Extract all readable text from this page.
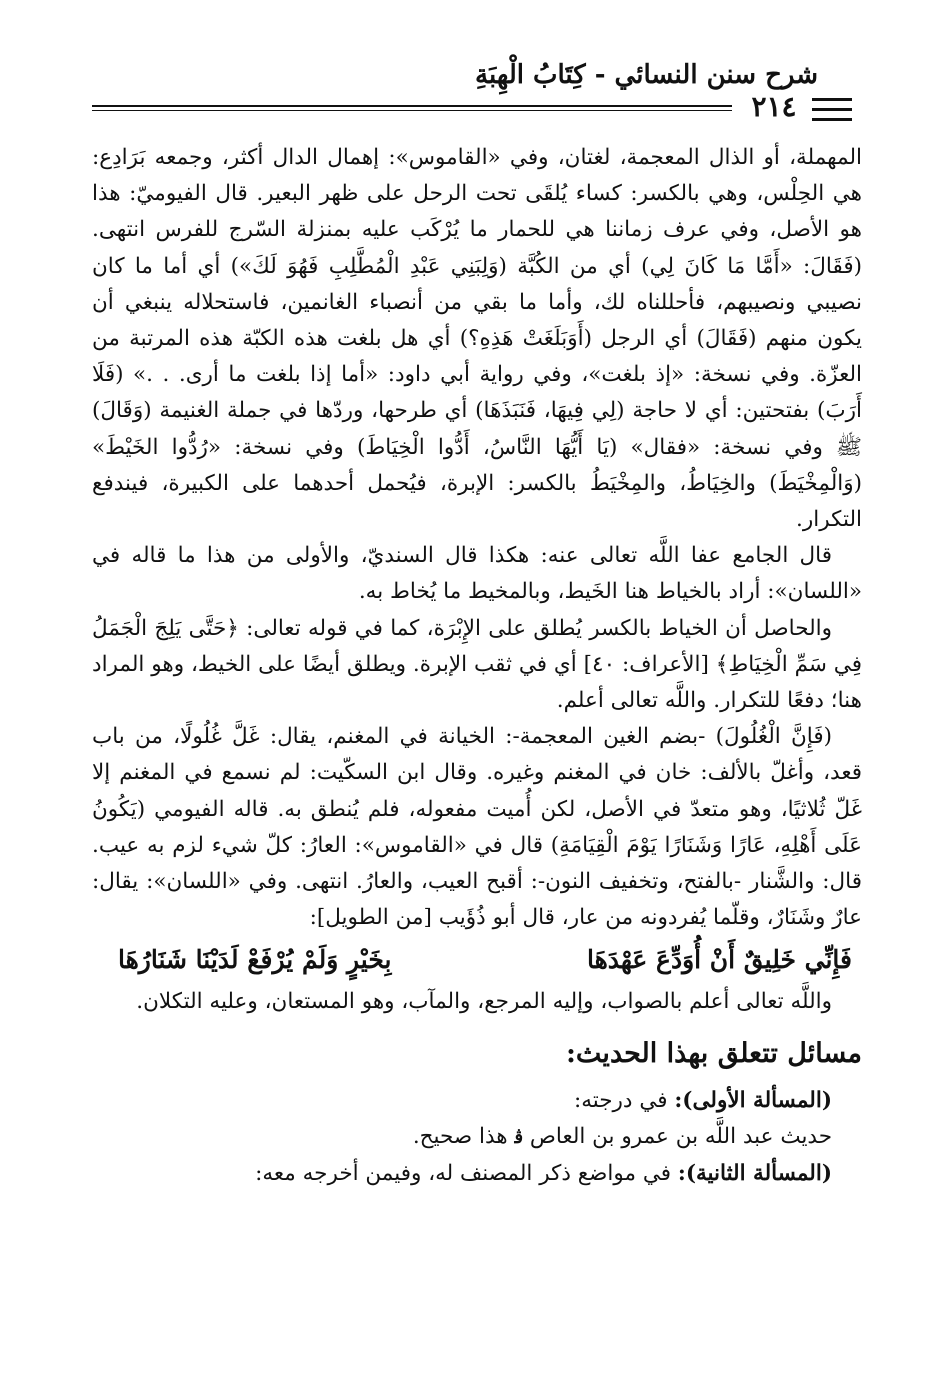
شرح سنن النسائي - كِتَابُ الْهِبَةِ
٢١٤

المهملة، أو الذال المعجمة، لغتان، وفي «القاموس»: إهمال الدال أكثر، وجمعه بَرَادِع: هي الحِلْس، وهي بالكسر: كساء يُلقَى تحت الرحل على ظهر البعير. قال الفيوميّ: هذا هو الأصل، وفي عرف زماننا هي للحمار ما يُرْكَب عليه بمنزلة السّرج للفرس انتهى. (فَقَالَ: «أَمَّا مَا كَانَ لِي) أي من الكُبَّة (وَلِبَنِي عَبْدِ الْمُطَّلِبِ فَهُوَ لَكَ») أي أما ما كان نصيبي ونصيبهم، فأحللناه لك، وأما ما بقي من أنصباء الغانمين، فاستحلاله ينبغي أن يكون منهم (فَقَالَ) أي الرجل (أَوَبَلَغَتْ هَذِهِ؟) أي هل بلغت هذه الكبّة هذه المرتبة من العزّة. وفي نسخة: «إذ بلغت»، وفي رواية أبي داود: «أما إذا بلغت ما أرى. . .» (فَلَا أَرَبَ) بفتحتين: أي لا حاجة (لِي فِيهَا، فَنَبَذَهَا) أي طرحها، وردّها في جملة الغنيمة (وَقَالَ) ﷺ وفي نسخة: «فقال» (يَا أَيُّهَا النَّاسُ، أَدُّوا الْخِيَاطَ) وفي نسخة: «رُدُّوا الخَيْطَ» (وَالْمِخْيَطَ) والخِيَاطُ، والمِخْيَطُ بالكسر: الإبرة، فيُحمل أحدهما على الكبيرة، فيندفع التكرار.

قال الجامع عفا اللَّه تعالى عنه: هكذا قال السنديّ، والأولى من هذا ما قاله في «اللسان»: أراد بالخياط هنا الخَيط، وبالمخيط ما يُخاط به.

والحاصل أن الخياط بالكسر يُطلق على الإِبْرَة، كما في قوله تعالى: ﴿حَتَّى يَلِجَ الْجَمَلُ فِي سَمِّ الْخِيَاطِ﴾ [الأعراف: ٤٠] أي في ثقب الإبرة. ويطلق أيضًا على الخيط، وهو المراد هنا؛ دفعًا للتكرار. واللَّه تعالى أعلم.

(فَإِنَّ الْغُلُولَ) -بضم الغين المعجمة-: الخيانة في المغنم، يقال: غَلَّ غُلُولًا، من باب قعد، وأغلّ بالألف: خان في المغنم وغيره. وقال ابن السكّيت: لم نسمع في المغنم إلا غَلّ ثُلاثيًا، وهو متعدّ في الأصل، لكن أُميت مفعوله، فلم يُنطق به. قاله الفيومي (يَكُونُ عَلَى أَهْلِهِ، عَارًا وَشَنَارًا يَوْمَ الْقِيَامَةِ) قال في «القاموس»: العارُ: كلّ شيء لزم به عيب. قال: والشَّنار -بالفتح، وتخفيف النون-: أقبح العيب، والعارُ. انتهى. وفي «اللسان»: يقال: عارٌ وشَنَارٌ، وقلّما يُفردونه من عار، قال أبو ذُؤَيب [من الطويل]:

فَإِنِّي خَلِيقٌ أَنْ أُوَدِّعَ عَهْدَهَا
بِخَيْرٍ وَلَمْ يُرْفَعْ لَدَيْنَا شَنَارُهَا

واللَّه تعالى أعلم بالصواب، وإليه المرجع، والمآب، وهو المستعان، وعليه التكلان.

مسائل تتعلق بهذا الحديث:

(المسألة الأولى): في درجته:

حديث عبد اللَّه بن عمرو بن العاص ﭬ هذا صحيح.

(المسألة الثانية): في مواضع ذكر المصنف له، وفيمن أخرجه معه:
